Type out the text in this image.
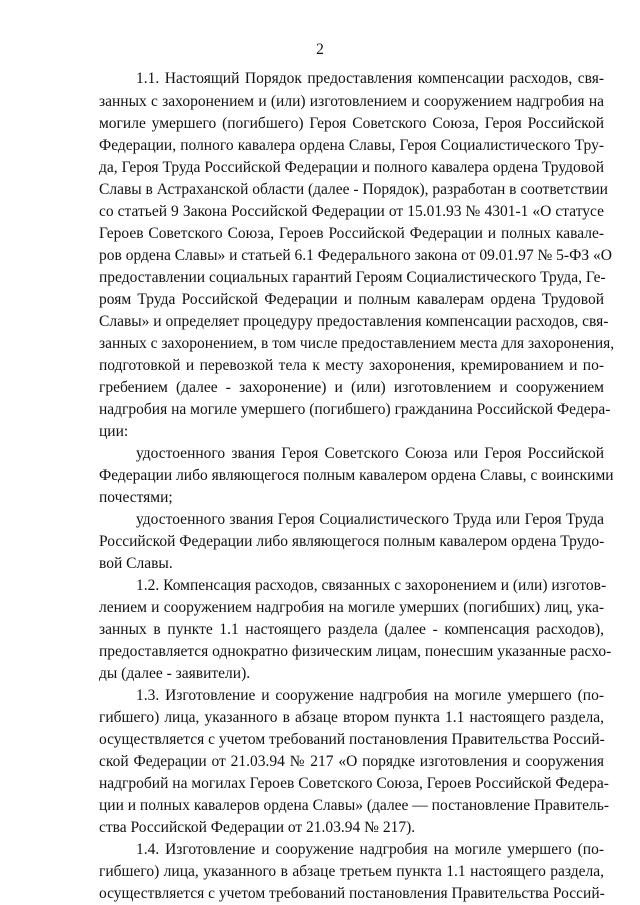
2
1.1. Настоящий Порядок предоставления компенсации расходов, свя-
занных с захоронением и (или) изготовлением и сооружением надгробия на
могиле умершего (погибшего) Героя Советского Союза, Героя Российской
Федерации, полного кавалера ордена Славы, Героя Социалистического Тру-
да, Героя Труда Российской Федерации и полного кавалера ордена Трудовой
Славы в Астраханской области (далее - Порядок), разработан в соответствии
со статьей 9 Закона Российской Федерации от 15.01.93 № 4301-1 «О статусе
Героев Советского Союза, Героев Российской Федерации и полных кавале-
ров ордена Славы» и статьей 6.1 Федерального закона от 09.01.97 № 5-ФЗ «О
предоставлении социальных гарантий Героям Социалистического Труда, Ге-
роям Труда Российской Федерации и полным кавалерам ордена Трудовой
Славы» и определяет процедуру предоставления компенсации расходов, свя-
занных с захоронением, в том числе предоставлением места для захоронения,
подготовкой и перевозкой тела к месту захоронения, кремированием и по-
гребением (далее - захоронение) и (или) изготовлением и сооружением
надгробия на могиле умершего (погибшего) гражданина Российской Федера-
ции:
удостоенного звания Героя Советского Союза или Героя Российской
Федерации либо являющегося полным кавалером ордена Славы, с воинскими
почестями;
удостоенного звания Героя Социалистического Труда или Героя Труда
Российской Федерации либо являющегося полным кавалером ордена Трудо-
вой Славы.
1.2. Компенсация расходов, связанных с захоронением и (или) изготов-
лением и сооружением надгробия на могиле умерших (погибших) лиц, ука-
занных в пункте 1.1 настоящего раздела (далее - компенсация расходов),
предоставляется однократно физическим лицам, понесшим указанные расхо-
ды (далее - заявители).
1.3. Изготовление и сооружение надгробия на могиле умершего (по-
гибшего) лица, указанного в абзаце втором пункта 1.1 настоящего раздела,
осуществляется с учетом требований постановления Правительства Россий-
ской Федерации от 21.03.94 № 217 «О порядке изготовления и сооружения
надгробий на могилах Героев Советского Союза, Героев Российской Федера-
ции и полных кавалеров ордена Славы» (далее — постановление Правитель-
ства Российской Федерации от 21.03.94 № 217).
1.4. Изготовление и сооружение надгробия на могиле умершего (по-
гибшего) лица, указанного в абзаце третьем пункта 1.1 настоящего раздела,
осуществляется с учетом требований постановления Правительства Россий-
